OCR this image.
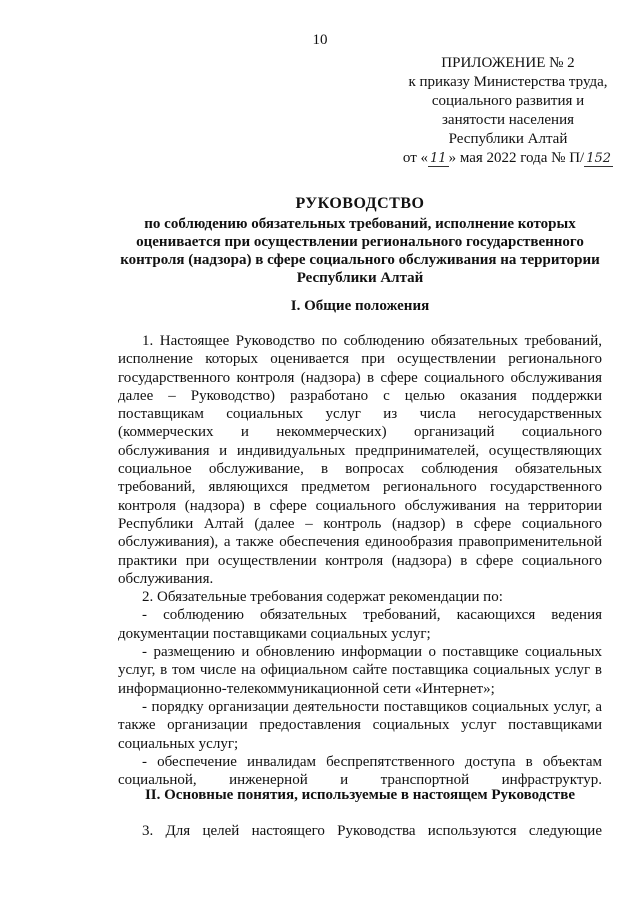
10
ПРИЛОЖЕНИЕ № 2
к приказу Министерства труда,
социального развития и
занятости населения
Республики Алтай
от « 11 » мая 2022 года № П/ 152
РУКОВОДСТВО
по соблюдению обязательных требований, исполнение которых
оценивается при осуществлении регионального государственного
контроля (надзора) в сфере социального обслуживания на территории
Республики Алтай
I. Общие положения

1. Настоящее Руководство по соблюдению обязательных требований, исполнение которых оценивается при осуществлении регионального государственного контроля (надзора) в сфере социального обслуживания далее – Руководство) разработано с целью оказания поддержки поставщикам социальных услуг из числа негосударственных (коммерческих и некоммерческих) организаций социального обслуживания и индивидуальных предпринимателей, осуществляющих социальное обслуживание, в вопросах соблюдения обязательных требований, являющихся предметом регионального государственного контроля (надзора) в сфере социального обслуживания на территории Республики Алтай (далее – контроль (надзор) в сфере социального обслуживания), а также обеспечения единообразия правоприменительной практики при осуществлении контроля (надзора) в сфере социального обслуживания.

2. Обязательные требования содержат рекомендации по:

- соблюдению обязательных требований, касающихся ведения документации поставщиками социальных услуг;

- размещению и обновлению информации о поставщике социальных услуг, в том числе на официальном сайте поставщика социальных услуг в информационно-телекоммуникационной сети «Интернет»;

- порядку организации деятельности поставщиков социальных услуг, а также организации предоставления социальных услуг поставщиками социальных услуг;

- обеспечение инвалидам беспрепятственного доступа в объектам социальной, инженерной и транспортной инфраструктур.

II. Основные понятия, используемые в настоящем Руководстве

3. Для целей настоящего Руководства используются следующие
